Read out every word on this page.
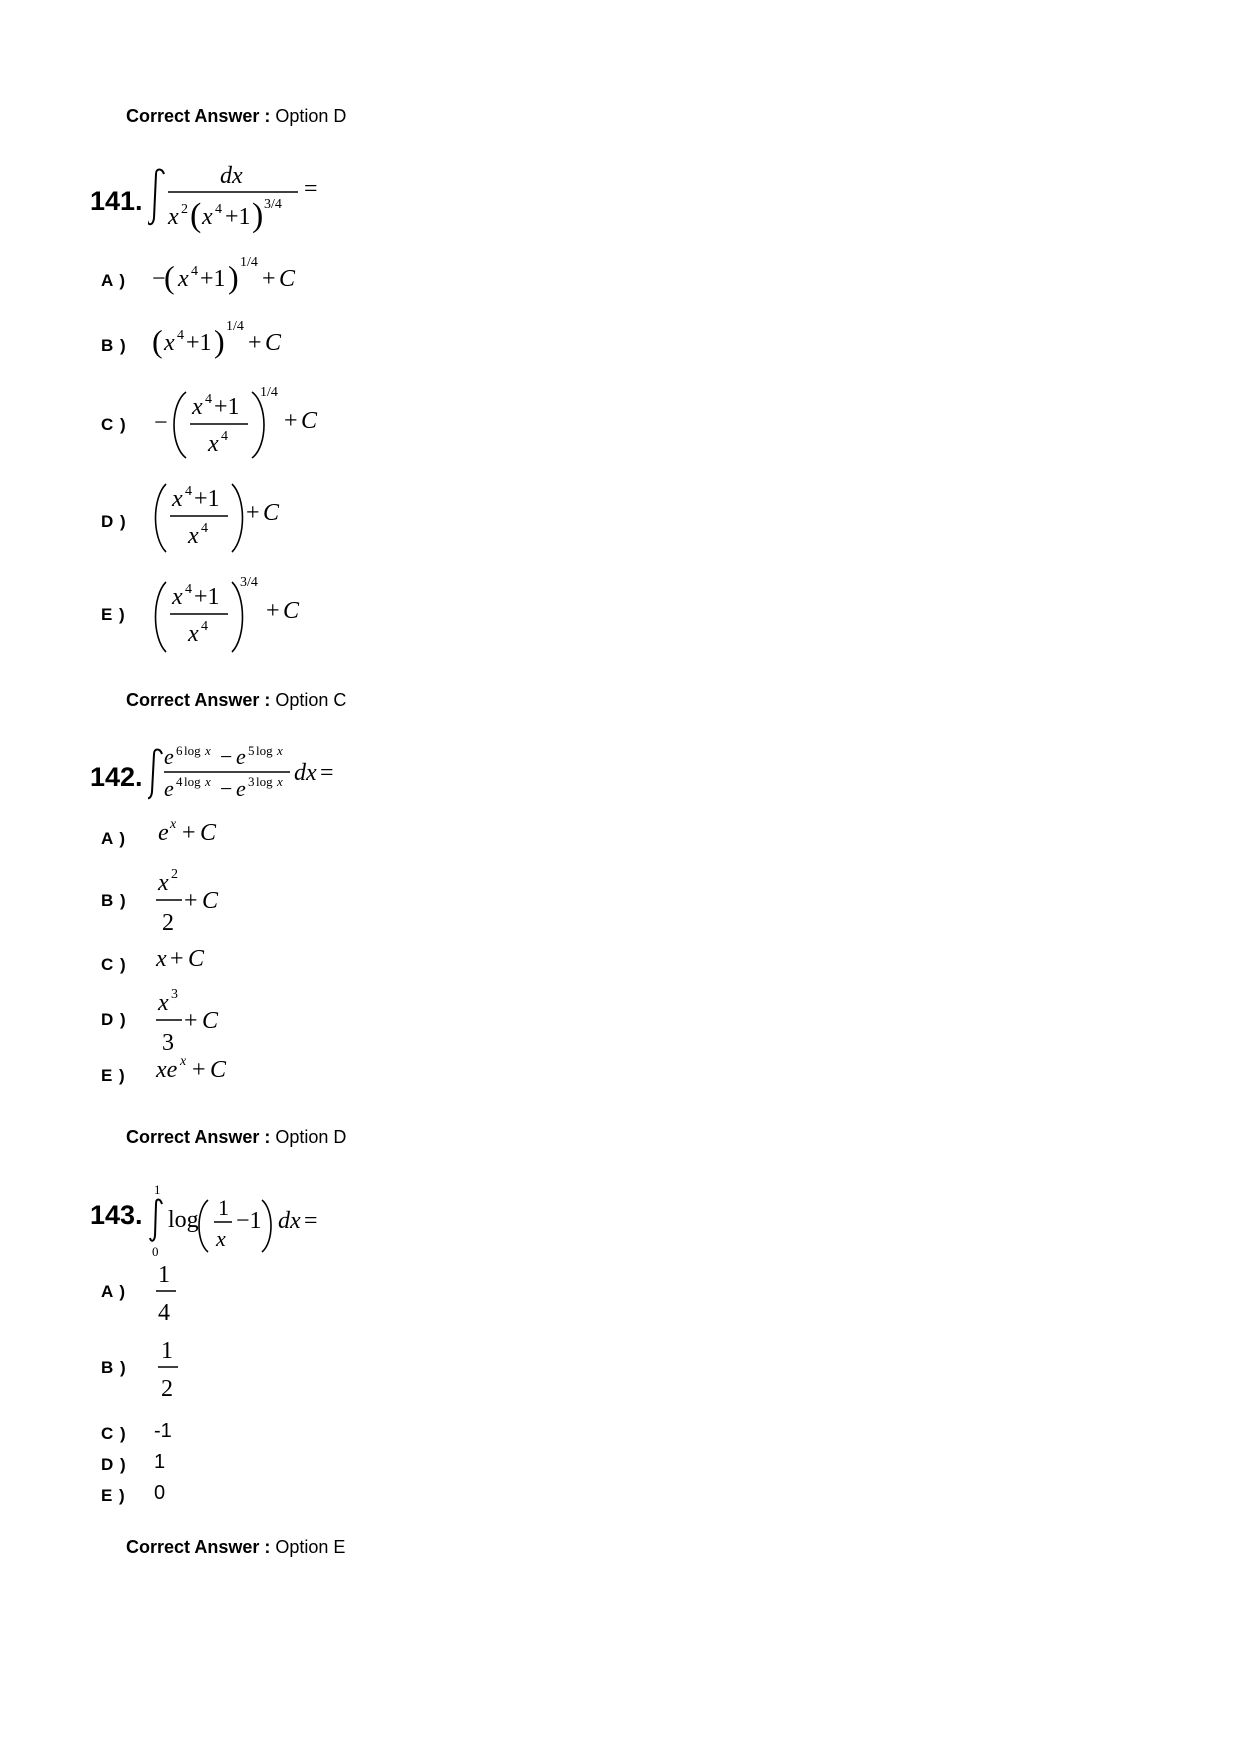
Correct Answer : Option D
141.
dx
x 2 ( x 4 +1 ) 3/4
=
A ) −
( x 4 +1 ) 1/4
+ C
B ) ( x 4 +1 ) 1/4
+ C
C ) −
x 4 +1
x 4
1/4
+ C
D )
x 4 +1
x 4
+ C
E )
x 4 +1
x 4
3/4
+ C
Correct Answer : Option C
142.
e 6 log x − e 5 log x
e 4 log x − e 3 log x dx =
A ) e x + C
B )
x 2
2
+ C
C ) x + C
D )
x 3
3
+ C
E ) xe x + C
Correct Answer : Option D
143.
1
0
log 1
x
−1 dx =
A )
1
4
B )
1
2
C ) -1
D ) 1
E ) 0
Correct Answer : Option E
